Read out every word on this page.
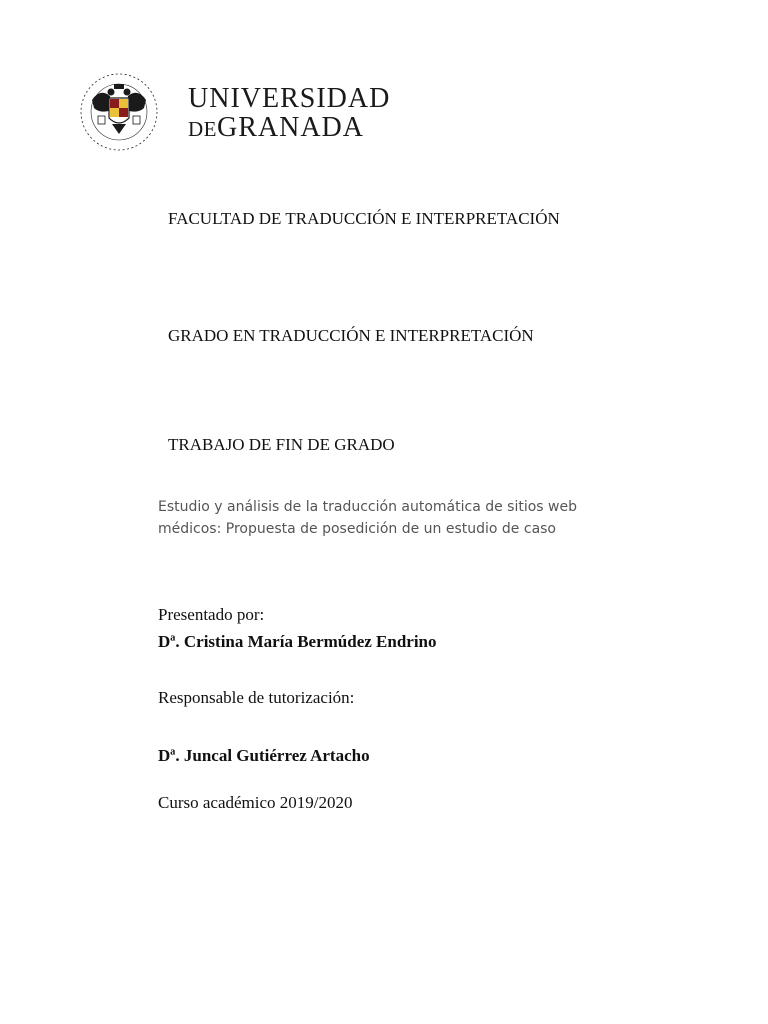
UNIVERSIDAD
DEGRANADA
FACULTAD DE TRADUCCIÓN E INTERPRETACIÓN
GRADO EN TRADUCCIÓN E INTERPRETACIÓN
TRABAJO DE FIN DE GRADO
Estudio y análisis de la traducción automática de sitios web
médicos: Propuesta de posedición de un estudio de caso
Presentado por:
Dª. Cristina María Bermúdez Endrino
Responsable de tutorización:
Dª. Juncal Gutiérrez Artacho
Curso académico 2019/2020
